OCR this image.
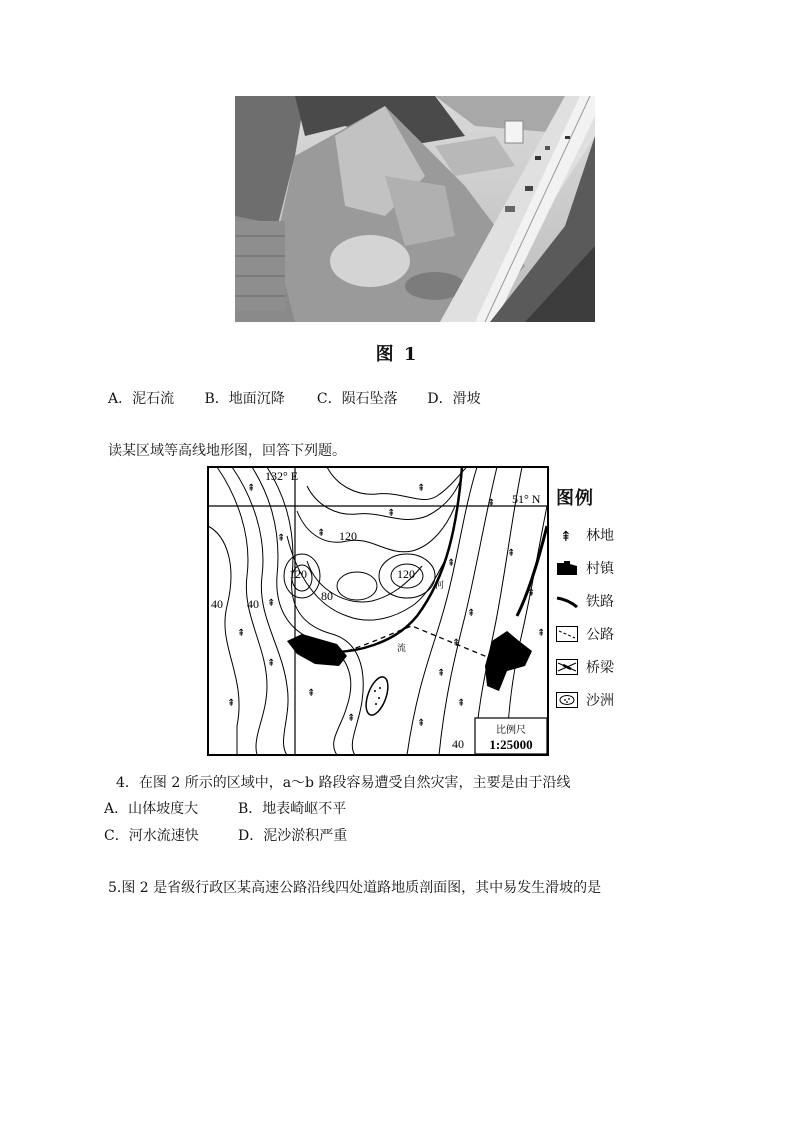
图 1
A．泥石流 B．地面沉降 C．陨石坠落 D．滑坡
读某区域等高线地形图，回答下列题。
⇞
⇞
⇞
⇞
⇞
⇞
⇞
⇞
⇞
⇞
⇞
⇞
⇞
⇞
⇞
⇞
⇞
⇞
⇞
⇞
⇞
132° E
51° N
120
120	120
80
40 40
40
河
流
比例尺
1:25000
图例
⇞ 林地
村镇
铁路
公路
桥梁
沙洲
4．在图 2 所示的区域中，a～b 路段容易遭受自然灾害，主要是由于沿线
A．山体坡度大	B．地表崎岖不平
C．河水流速快	D．泥沙淤积严重
5.图 2 是省级行政区某高速公路沿线四处道路地质剖面图，其中易发生滑坡的是
